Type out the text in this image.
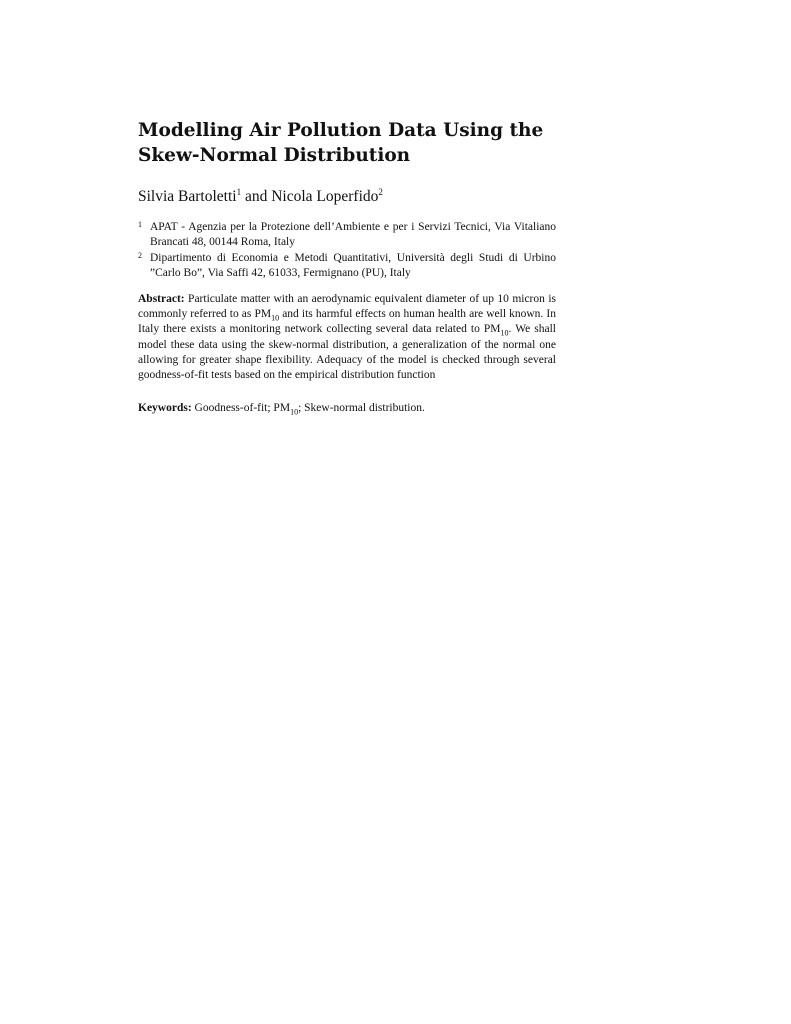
Modelling Air Pollution Data Using the
Skew-Normal Distribution
Silvia Bartoletti$^1$ and Nicola Loperfido$^2$
1 APAT - Agenzia per la Protezione dell’Ambiente e per i Servizi Tecnici, Via Vitaliano Brancati 48, 00144 Roma, Italy
2 Dipartimento di Economia e Metodi Quantitativi, Università degli Studi di Urbino ”Carlo Bo”, Via Saffi 42, 61033, Fermignano (PU), Italy
Abstract: Particulate matter with an aerodynamic equivalent diameter of up 10 micron is commonly referred to as $PM_{10}$ and its harmful effects on human health are well known. In Italy there exists a monitoring network collecting several data related to $PM_{10}$. We shall model these data using the skew-normal distribution, a generalization of the normal one allowing for greater shape flexibility. Adequacy of the model is checked through several goodness-of-fit tests based on the empirical distribution function
Keywords: Goodness-of-fit; $PM_{10}$; Skew-normal distribution.
